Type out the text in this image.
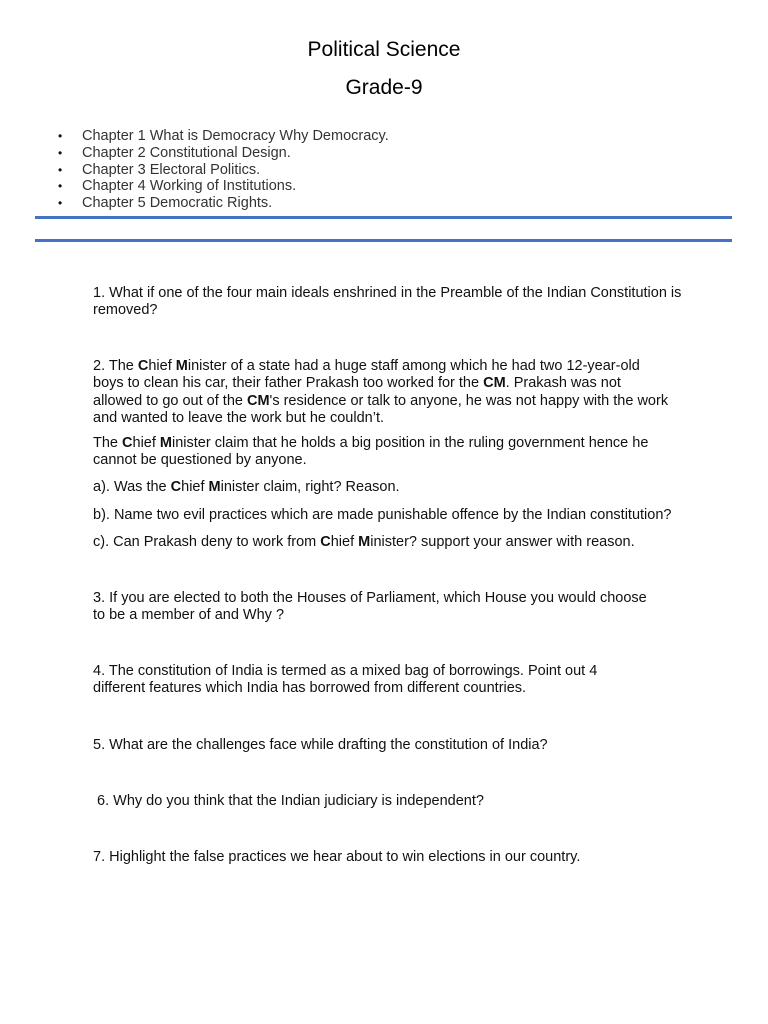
Political Science
Grade-9
• Chapter 1 What is Democracy Why Democracy.
• Chapter 2 Constitutional Design.
• Chapter 3 Electoral Politics.
• Chapter 4 Working of Institutions.
• Chapter 5 Democratic Rights.

1. What if one of the four main ideals enshrined in the Preamble of the Indian Constitution is removed?

2. The Chief Minister of a state had a huge staff among which he had two 12-year-old boys to clean his car, their father Prakash too worked for the CM. Prakash was not allowed to go out of the CM's residence or talk to anyone, he was not happy with the work and wanted to leave the work but he couldn’t.

The Chief Minister claim that he holds a big position in the ruling government hence he cannot be questioned by anyone.

a). Was the Chief Minister claim, right? Reason.

b). Name two evil practices which are made punishable offence by the Indian constitution?

c). Can Prakash deny to work from Chief Minister? support your answer with reason.

3. If you are elected to both the Houses of Parliament, which House you would choose to be a member of and Why ?

4. The constitution of India is termed as a mixed bag of borrowings. Point out 4 different features which India has borrowed from different countries.

5. What are the challenges face while drafting the constitution of India?

6. Why do you think that the Indian judiciary is independent?

7. Highlight the false practices we hear about to win elections in our country.
